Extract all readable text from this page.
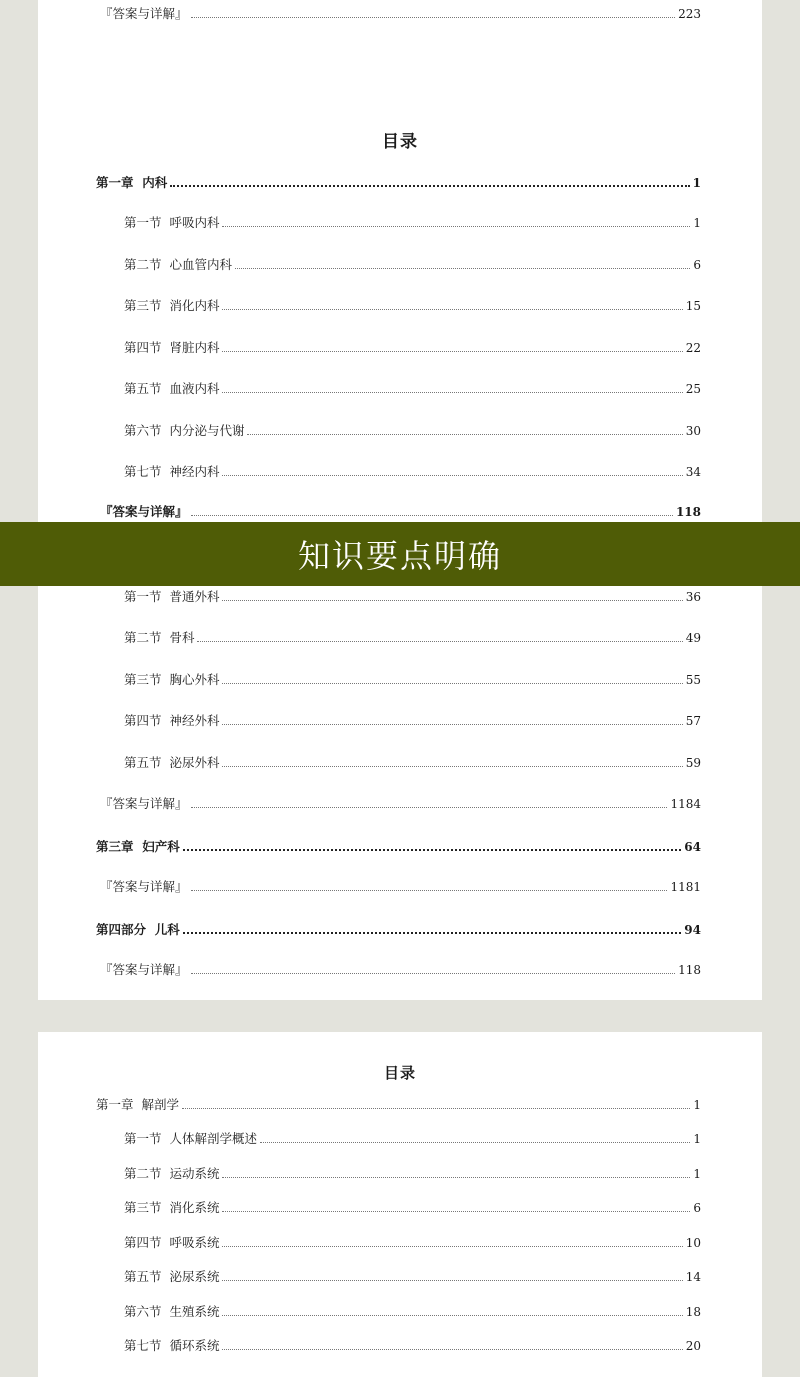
『答案与详解』	223
目录
第一章  内科	1
第一节  呼吸内科	1
第二节  心血管内科	6
第三节  消化内科	15
第四节  肾脏内科	22
第五节  血液内科	25
第六节  内分泌与代谢	30
第七节  神经内科	34
『答案与详解』	118
知识要点明确
第一节  普通外科	36
第二节  骨科	49
第三节  胸心外科	55
第四节  神经外科	57
第五节  泌尿外科	59
『答案与详解』	1184
第三章  妇产科	64
『答案与详解』	1181
第四部分  儿科	94
『答案与详解』	118
目录
第一章  解剖学	1
第一节  人体解剖学概述	1
第二节  运动系统	1
第三节  消化系统	6
第四节  呼吸系统	10
第五节  泌尿系统	14
第六节  生殖系统	18
第七节  循环系统	20
